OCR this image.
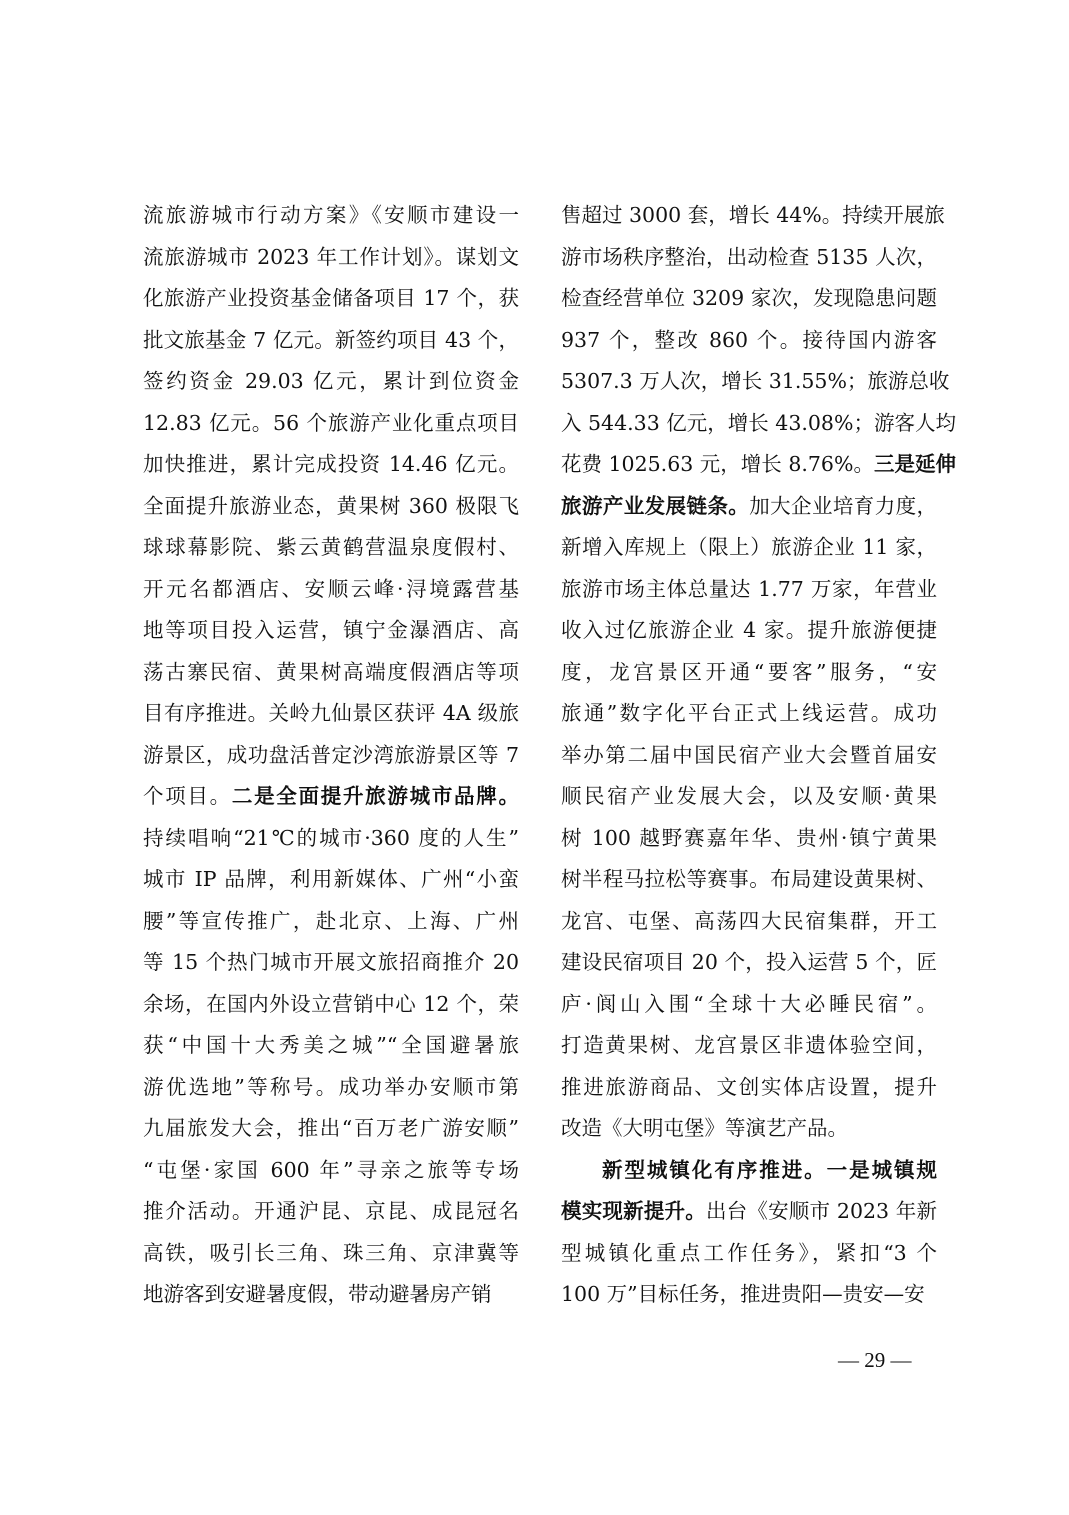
流旅游城市行动方案》《安顺市建设一
流旅游城市 2023 年工作计划》。谋划文
化旅游产业投资基金储备项目 17 个，获
批文旅基金 7 亿元。新签约项目 43 个，
签约资金 29.03 亿元，累计到位资金
12.83 亿元。56 个旅游产业化重点项目
加快推进，累计完成投资 14.46 亿元。
全面提升旅游业态，黄果树 360 极限飞
球球幕影院、紫云黄鹤营温泉度假村、
开元名都酒店、安顺云峰·浔境露营基
地等项目投入运营，镇宁金瀑酒店、高
荡古寨民宿、黄果树高端度假酒店等项
目有序推进。关岭九仙景区获评 4A 级旅
游景区，成功盘活普定沙湾旅游景区等 7
个项目。二是全面提升旅游城市品牌。
持续唱响“21℃的城市·360 度的人生”
城市 IP 品牌，利用新媒体、广州“小蛮
腰”等宣传推广，赴北京、上海、广州
等 15 个热门城市开展文旅招商推介 20
余场，在国内外设立营销中心 12 个，荣
获“中国十大秀美之城”“全国避暑旅
游优选地”等称号。成功举办安顺市第
九届旅发大会，推出“百万老广游安顺”
“屯堡·家国 600 年”寻亲之旅等专场
推介活动。开通沪昆、京昆、成昆冠名
高铁，吸引长三角、珠三角、京津冀等
地游客到安避暑度假，带动避暑房产销
售超过 3000 套，增长 44%。持续开展旅
游市场秩序整治，出动检查 5135 人次，
检查经营单位 3209 家次，发现隐患问题
937 个，整改 860 个。接待国内游客
5307.3 万人次，增长 31.55%；旅游总收
入 544.33 亿元，增长 43.08%；游客人均
花费 1025.63 元，增长 8.76%。三是延伸
旅游产业发展链条。加大企业培育力度，
新增入库规上（限上）旅游企业 11 家，
旅游市场主体总量达 1.77 万家，年营业
收入过亿旅游企业 4 家。提升旅游便捷
度，龙宫景区开通“要客”服务，“安
旅通”数字化平台正式上线运营。成功
举办第二届中国民宿产业大会暨首届安
顺民宿产业发展大会，以及安顺·黄果
树 100 越野赛嘉年华、贵州·镇宁黄果
树半程马拉松等赛事。布局建设黄果树、
龙宫、屯堡、高荡四大民宿集群，开工
建设民宿项目 20 个，投入运营 5 个，匠
庐·阆山入围“全球十大必睡民宿”。
打造黄果树、龙宫景区非遗体验空间，
推进旅游商品、文创实体店设置，提升
改造《大明屯堡》等演艺产品。
新型城镇化有序推进。一是城镇规
模实现新提升。出台《安顺市 2023 年新
型城镇化重点工作任务》，紧扣“3 个
100 万”目标任务，推进贵阳—贵安—安
— 29 —
